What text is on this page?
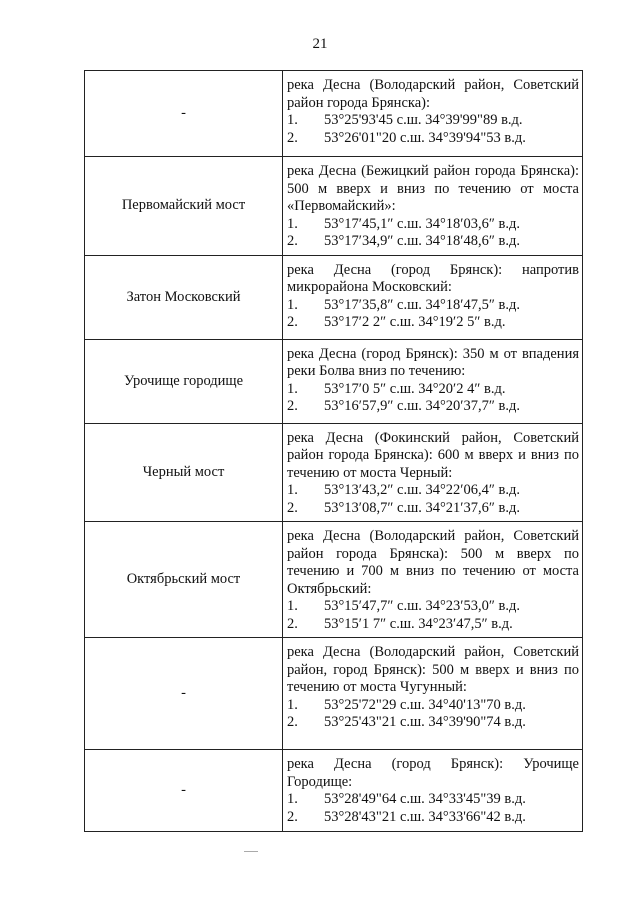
21
-	река Десна (Володарский район, Советский район города Брянска):
1. 53°25'93'45 с.ш. 34°39'99"89 в.д.
2. 53°26'01"20 с.ш. 34°39'94"53 в.д.

Первомайский мост	река Десна (Бежицкий район города Брянска): 500 м вверх и вниз по течению от моста «Первомайский»:
1. 53°17′45,1″ с.ш. 34°18′03,6″ в.д.
2. 53°17′34,9″ с.ш. 34°18′48,6″ в.д.

Затон Московский	река Десна (город Брянск): напротив микрорайона Московский:
1. 53°17′35,8″ с.ш. 34°18′47,5″ в.д.
2. 53°17′2 2″ с.ш. 34°19′2 5″ в.д.

Урочище городище	река Десна (город Брянск): 350 м от впадения реки Болва вниз по течению:
1. 53°17′0 5″ с.ш. 34°20′2 4″ в.д.
2. 53°16′57,9″ с.ш. 34°20′37,7″ в.д.

Черный мост	река Десна (Фокинский район, Советский район города Брянска): 600 м вверх и вниз по течению от моста Черный:
1. 53°13′43,2″ с.ш. 34°22′06,4″ в.д.
2. 53°13′08,7″ с.ш. 34°21′37,6″ в.д.

Октябрьский мост	река Десна (Володарский район, Советский район города Брянска): 500 м вверх по течению и 700 м вниз по течению от моста Октябрьский:
1. 53°15′47,7″ с.ш. 34°23′53,0″ в.д.
2. 53°15′1 7″ с.ш. 34°23′47,5″ в.д.

-	река Десна (Володарский район, Советский район, город Брянск): 500 м вверх и вниз по течению от моста Чугунный:
1. 53°25'72"29 с.ш. 34°40'13"70 в.д.
2. 53°25'43"21 с.ш. 34°39'90"74 в.д.

-	река Десна (город Брянск): Урочище Городище:
1. 53°28'49"64 с.ш. 34°33'45"39 в.д.
2. 53°28'43"21 с.ш. 34°33'66"42 в.д.
